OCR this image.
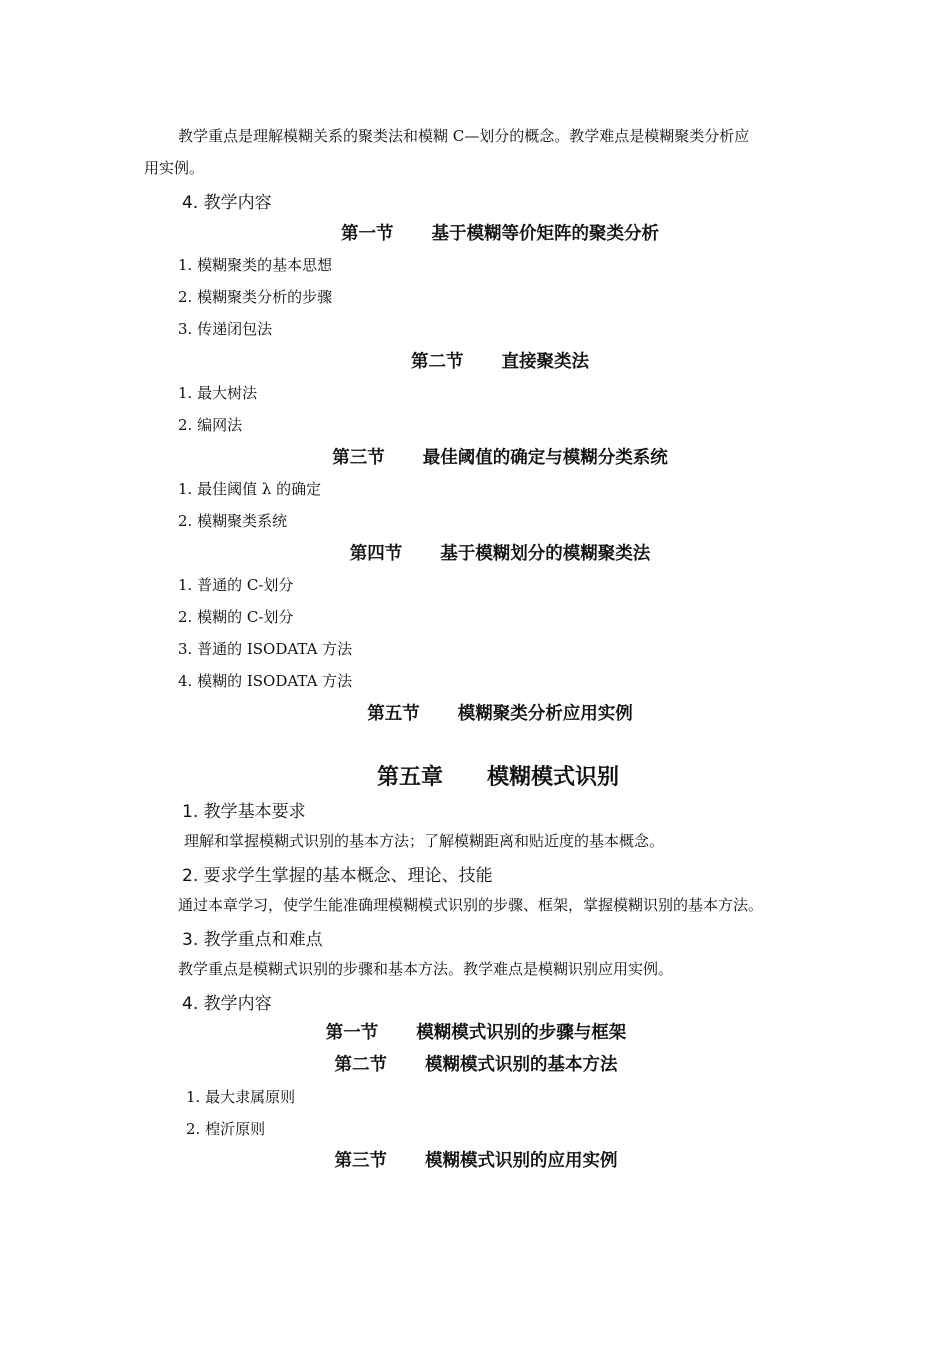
教学重点是理解模糊关系的聚类法和模糊 C—划分的概念。教学难点是模糊聚类分析应
用实例。
4. 教学内容
第一节 基于模糊等价矩阵的聚类分析
1. 模糊聚类的基本思想
2. 模糊聚类分析的步骤
3. 传递闭包法
第二节 直接聚类法
1. 最大树法
2. 编网法
第三节 最佳阈值的确定与模糊分类系统
1. 最佳阈值 λ 的确定
2. 模糊聚类系统
第四节 基于模糊划分的模糊聚类法
1. 普通的 C-划分
2. 模糊的 C-划分
3. 普通的 ISODATA 方法
4. 模糊的 ISODATA 方法
第五节 模糊聚类分析应用实例
第五章 模糊模式识别
1. 教学基本要求
理解和掌握模糊式识别的基本方法；了解模糊距离和贴近度的基本概念。
2. 要求学生掌握的基本概念、理论、技能
通过本章学习，使学生能准确理模糊模式识别的步骤、框架，掌握模糊识别的基本方法。
3. 教学重点和难点
教学重点是模糊式识别的步骤和基本方法。教学难点是模糊识别应用实例。
4. 教学内容
第一节 模糊模式识别的步骤与框架
第二节 模糊模式识别的基本方法
1. 最大隶属原则
2. 楻沂原则
第三节 模糊模式识别的应用实例
